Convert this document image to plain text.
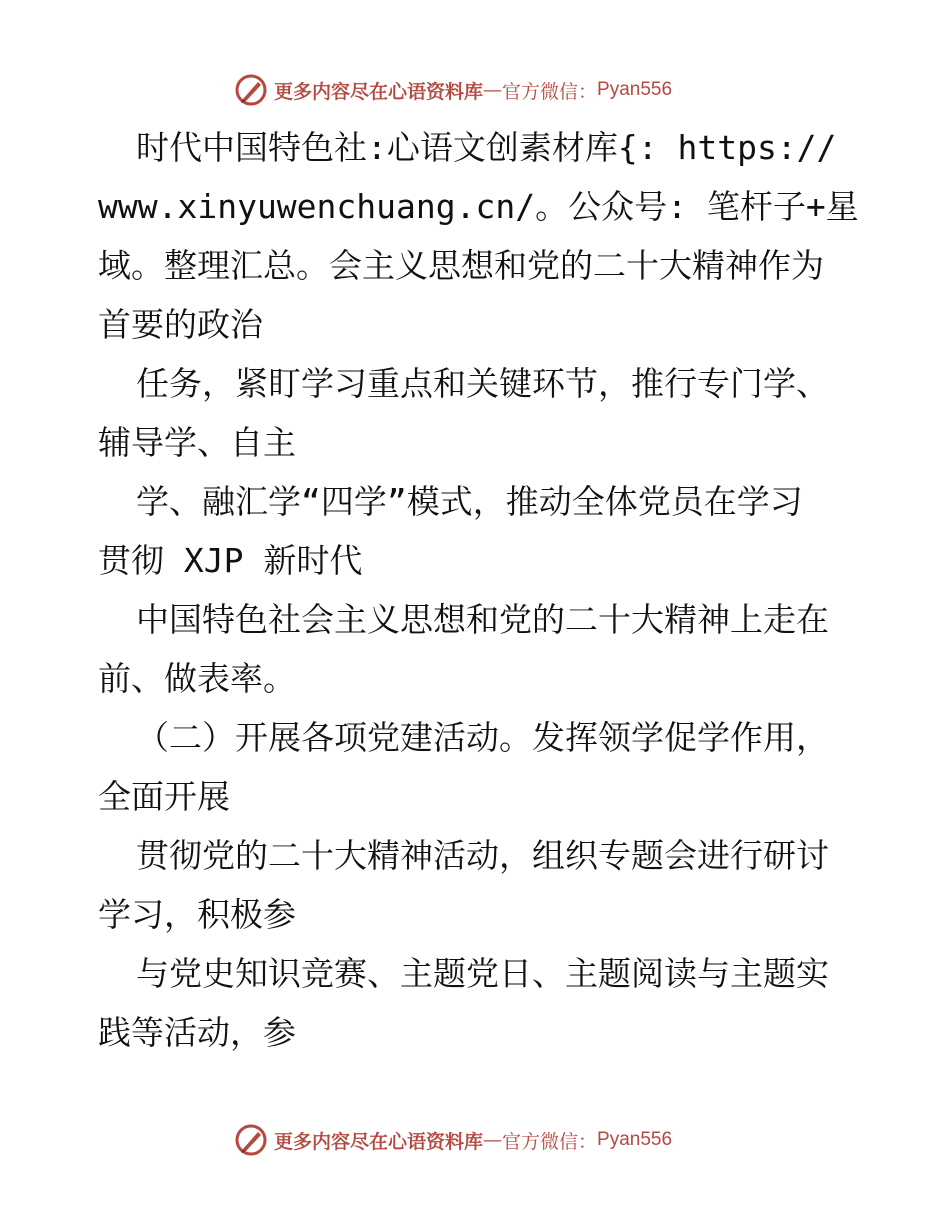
更多内容尽在心语资料库 — 官方微信： Pyan556
时代中国特色社:心语文创素材库{: https://
www.xinyuwenchuang.cn/。公众号: 笔杆子+星
域。整理汇总。会主义思想和党的二十大精神作为
首要的政治
任务，紧盯学习重点和关键环节，推行专门学、
辅导学、自主
学、融汇学“四学”模式，推动全体党员在学习
贯彻 XJP 新时代
中国特色社会主义思想和党的二十大精神上走在
前、做表率。
（二）开展各项党建活动。发挥领学促学作用，
全面开展
贯彻党的二十大精神活动，组织专题会进行研讨
学习，积极参
与党史知识竞赛、主题党日、主题阅读与主题实
践等活动，参
更多内容尽在心语资料库 — 官方微信： Pyan556
